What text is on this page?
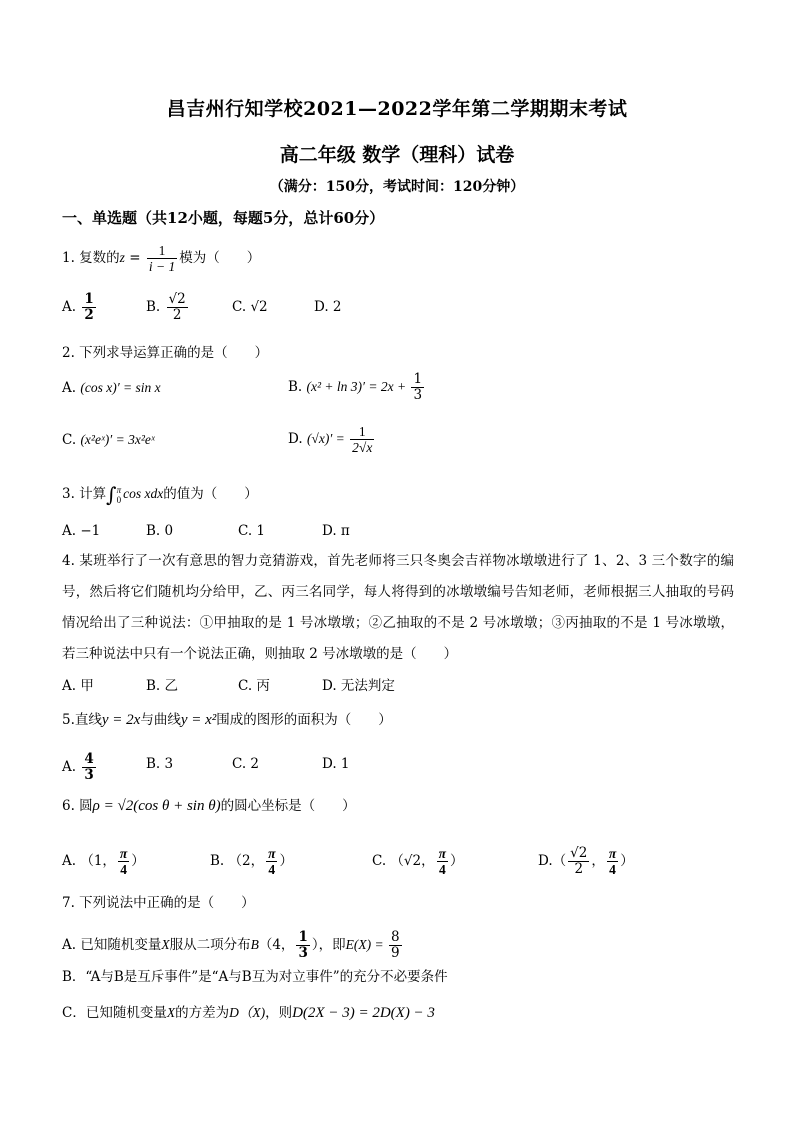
昌吉州行知学校2021—2022学年第二学期期末考试
高二年级 数学（理科）试卷
（满分：150分，考试时间：120分钟）
一、单选题（共12小题，每题5分，总计60分）
1. 复数的$z = \frac{1}{i - 1}$ 模为（　　）
A. $\frac{1}{2}$	B. $\frac{√2}{2}$	C. √2	D. 2
2. 下列求导运算正确的是（　　）
A. (cos x)′ = sin x	B. $(x^2 + \ln 3)' = 2x + \frac{1}{3}$
C. (x²eˣ)′ = 3x²eˣ	D. $(√x)' = \frac{1}{2√x}$
3. 计算∫ π
0 cos xdx的值为（　　）
A. −1	B. 0	C. 1	D. π
4. 某班举行了一次有意思的智力竞猜游戏，首先老师将三只冬奥会吉祥物冰墩墩进行了 1、2、3 三个数字的编号，然后将它们随机均分给甲，乙、丙三名同学，每人将得到的冰墩墩编号告知老师，老师根据三人抽取的号码情况给出了三种说法：①甲抽取的是 1 号冰墩墩；②乙抽取的不是 2 号冰墩墩；③丙抽取的不是 1 号冰墩墩，若三种说法中只有一个说法正确，则抽取 2 号冰墩墩的是（　　）
A. 甲	B. 乙	C. 丙	D. 无法判定
5.直线y = 2x与曲线y = x²围成的图形的面积为（　　）
A. $\frac{4}{3}$	B. 3	C. 2	D. 1
6. 圆ρ = √2(cos θ + sin θ)的圆心坐标是（　　）
A. （1， $\frac{\pi}{4}$ ）	B. （2， $\frac{\pi}{4}$ ）	C. （√2， $\frac{\pi}{4}$ ）	$D.( \frac{√2}{2}$ ， $\frac{\pi}{4}$ ）
7. 下列说法中正确的是（　　）
A. 已知随机变量X服从二项分布B（4， $\frac{1}{3}$ ），即$E(X) = \frac{8}{9}$
B．“A与B是互斥事件”是“A与B互为对立事件”的充分不必要条件
C．已知随机变量X的方差为D（X)，则D(2X − 3) = 2D(X) − 3
